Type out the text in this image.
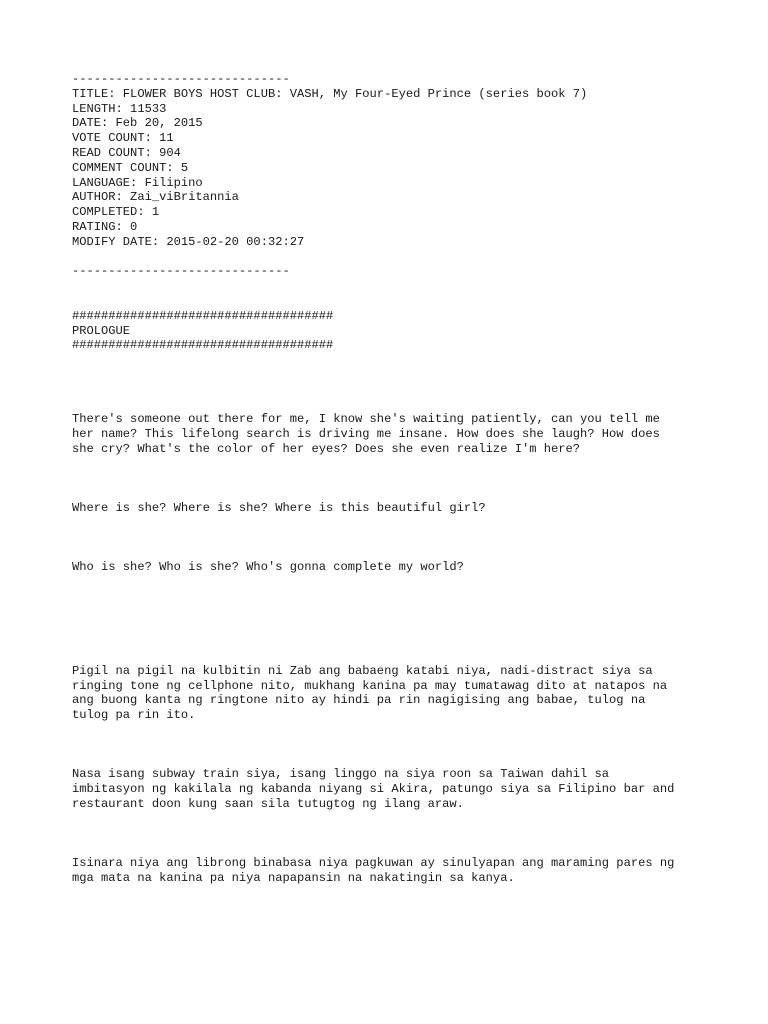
------------------------------

TITLE: FLOWER BOYS HOST CLUB: VASH, My Four-Eyed Prince (series book 7)

LENGTH: 11533

DATE: Feb 20, 2015

VOTE COUNT: 11

READ COUNT: 904

COMMENT COUNT: 5

LANGUAGE: Filipino

AUTHOR: Zai_viBritannia

COMPLETED: 1

RATING: 0

MODIFY DATE: 2015-02-20 00:32:27

------------------------------

####################################

PROLOGUE

####################################

There's someone out there for me, I know she's waiting patiently, can you tell me

her name? This lifelong search is driving me insane. How does she laugh? How does

she cry? What's the color of her eyes? Does she even realize I'm here?

Where is she? Where is she? Where is this beautiful girl?

Who is she? Who is she? Who's gonna complete my world?

Pigil na pigil na kulbitin ni Zab ang babaeng katabi niya, nadi-distract siya sa

ringing tone ng cellphone nito, mukhang kanina pa may tumatawag dito at natapos na

ang buong kanta ng ringtone nito ay hindi pa rin nagigising ang babae, tulog na

tulog pa rin ito.

Nasa isang subway train siya, isang linggo na siya roon sa Taiwan dahil sa

imbitasyon ng kakilala ng kabanda niyang si Akira, patungo siya sa Filipino bar and

restaurant doon kung saan sila tutugtog ng ilang araw.

Isinara niya ang librong binabasa niya pagkuwan ay sinulyapan ang maraming pares ng

mga mata na kanina pa niya napapansin na nakatingin sa kanya.
